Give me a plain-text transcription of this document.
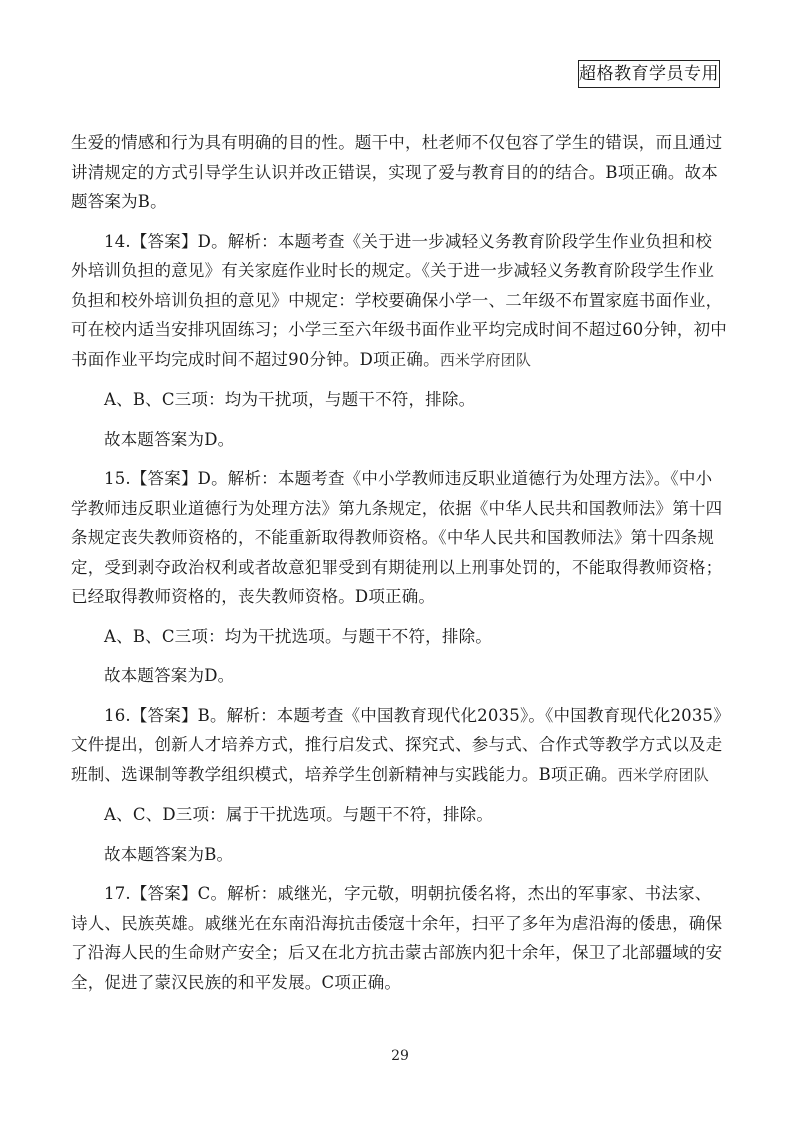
超格教育学员专用

生爱的情感和行为具有明确的目的性。题干中，杜老师不仅包容了学生的错误，而且通过讲清规定的方式引导学生认识并改正错误，实现了爱与教育目的的结合。B项正确。故本题答案为B。

14.【答案】D。解析：本题考查《关于进一步减轻义务教育阶段学生作业负担和校外培训负担的意见》有关家庭作业时长的规定。《关于进一步减轻义务教育阶段学生作业负担和校外培训负担的意见》中规定：学校要确保小学一、二年级不布置家庭书面作业，可在校内适当安排巩固练习；小学三至六年级书面作业平均完成时间不超过60分钟，初中书面作业平均完成时间不超过90分钟。D项正确。西米学府团队

A、B、C三项：均为干扰项，与题干不符，排除。

故本题答案为D。

15.【答案】D。解析：本题考查《中小学教师违反职业道德行为处理方法》。《中小学教师违反职业道德行为处理方法》第九条规定，依据《中华人民共和国教师法》第十四条规定丧失教师资格的，不能重新取得教师资格。《中华人民共和国教师法》第十四条规定，受到剥夺政治权利或者故意犯罪受到有期徒刑以上刑事处罚的，不能取得教师资格；已经取得教师资格的，丧失教师资格。D项正确。

A、B、C三项：均为干扰选项。与题干不符，排除。

故本题答案为D。

16.【答案】B。解析：本题考查《中国教育现代化2035》。《中国教育现代化2035》文件提出，创新人才培养方式，推行启发式、探究式、参与式、合作式等教学方式以及走班制、选课制等教学组织模式，培养学生创新精神与实践能力。B项正确。西米学府团队

A、C、D三项：属于干扰选项。与题干不符，排除。

故本题答案为B。

17.【答案】C。解析：戚继光，字元敬，明朝抗倭名将，杰出的军事家、书法家、诗人、民族英雄。戚继光在东南沿海抗击倭寇十余年，扫平了多年为虐沿海的倭患，确保了沿海人民的生命财产安全；后又在北方抗击蒙古部族内犯十余年，保卫了北部疆域的安全，促进了蒙汉民族的和平发展。C项正确。

29
